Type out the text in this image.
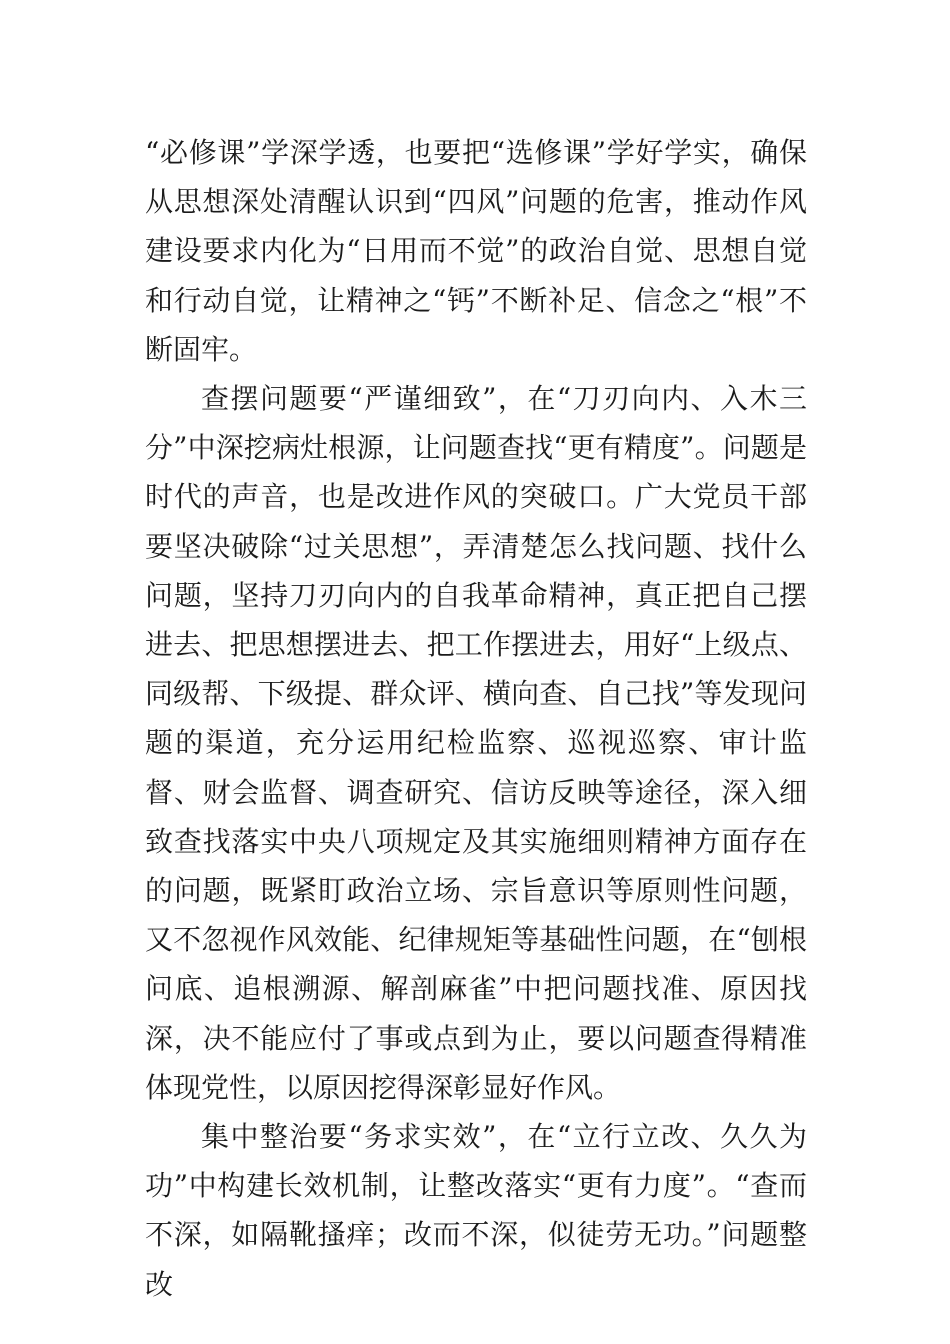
“必修课”学深学透，也要把“选修课”学好学实，确保从思想深处清醒认识到“四风”问题的危害，推动作风建设要求内化为“日用而不觉”的政治自觉、思想自觉和行动自觉，让精神之“钙”不断补足、信念之“根”不断固牢。

查摆问题要“严谨细致”，在“刀刃向内、入木三分”中深挖病灶根源，让问题查找“更有精度”。问题是时代的声音，也是改进作风的突破口。广大党员干部要坚决破除“过关思想”，弄清楚怎么找问题、找什么问题，坚持刀刃向内的自我革命精神，真正把自己摆进去、把思想摆进去、把工作摆进去，用好“上级点、同级帮、下级提、群众评、横向查、自己找”等发现问题的渠道，充分运用纪检监察、巡视巡察、审计监督、财会监督、调查研究、信访反映等途径，深入细致查找落实中央八项规定及其实施细则精神方面存在的问题，既紧盯政治立场、宗旨意识等原则性问题，又不忽视作风效能、纪律规矩等基础性问题，在“刨根问底、追根溯源、解剖麻雀”中把问题找准、原因找深，决不能应付了事或点到为止，要以问题查得精准体现党性，以原因挖得深彰显好作风。

集中整治要“务求实效”，在“立行立改、久久为功”中构建长效机制，让整改落实“更有力度”。“查而不深，如隔靴搔痒；改而不深，似徒劳无功。”问题整改
